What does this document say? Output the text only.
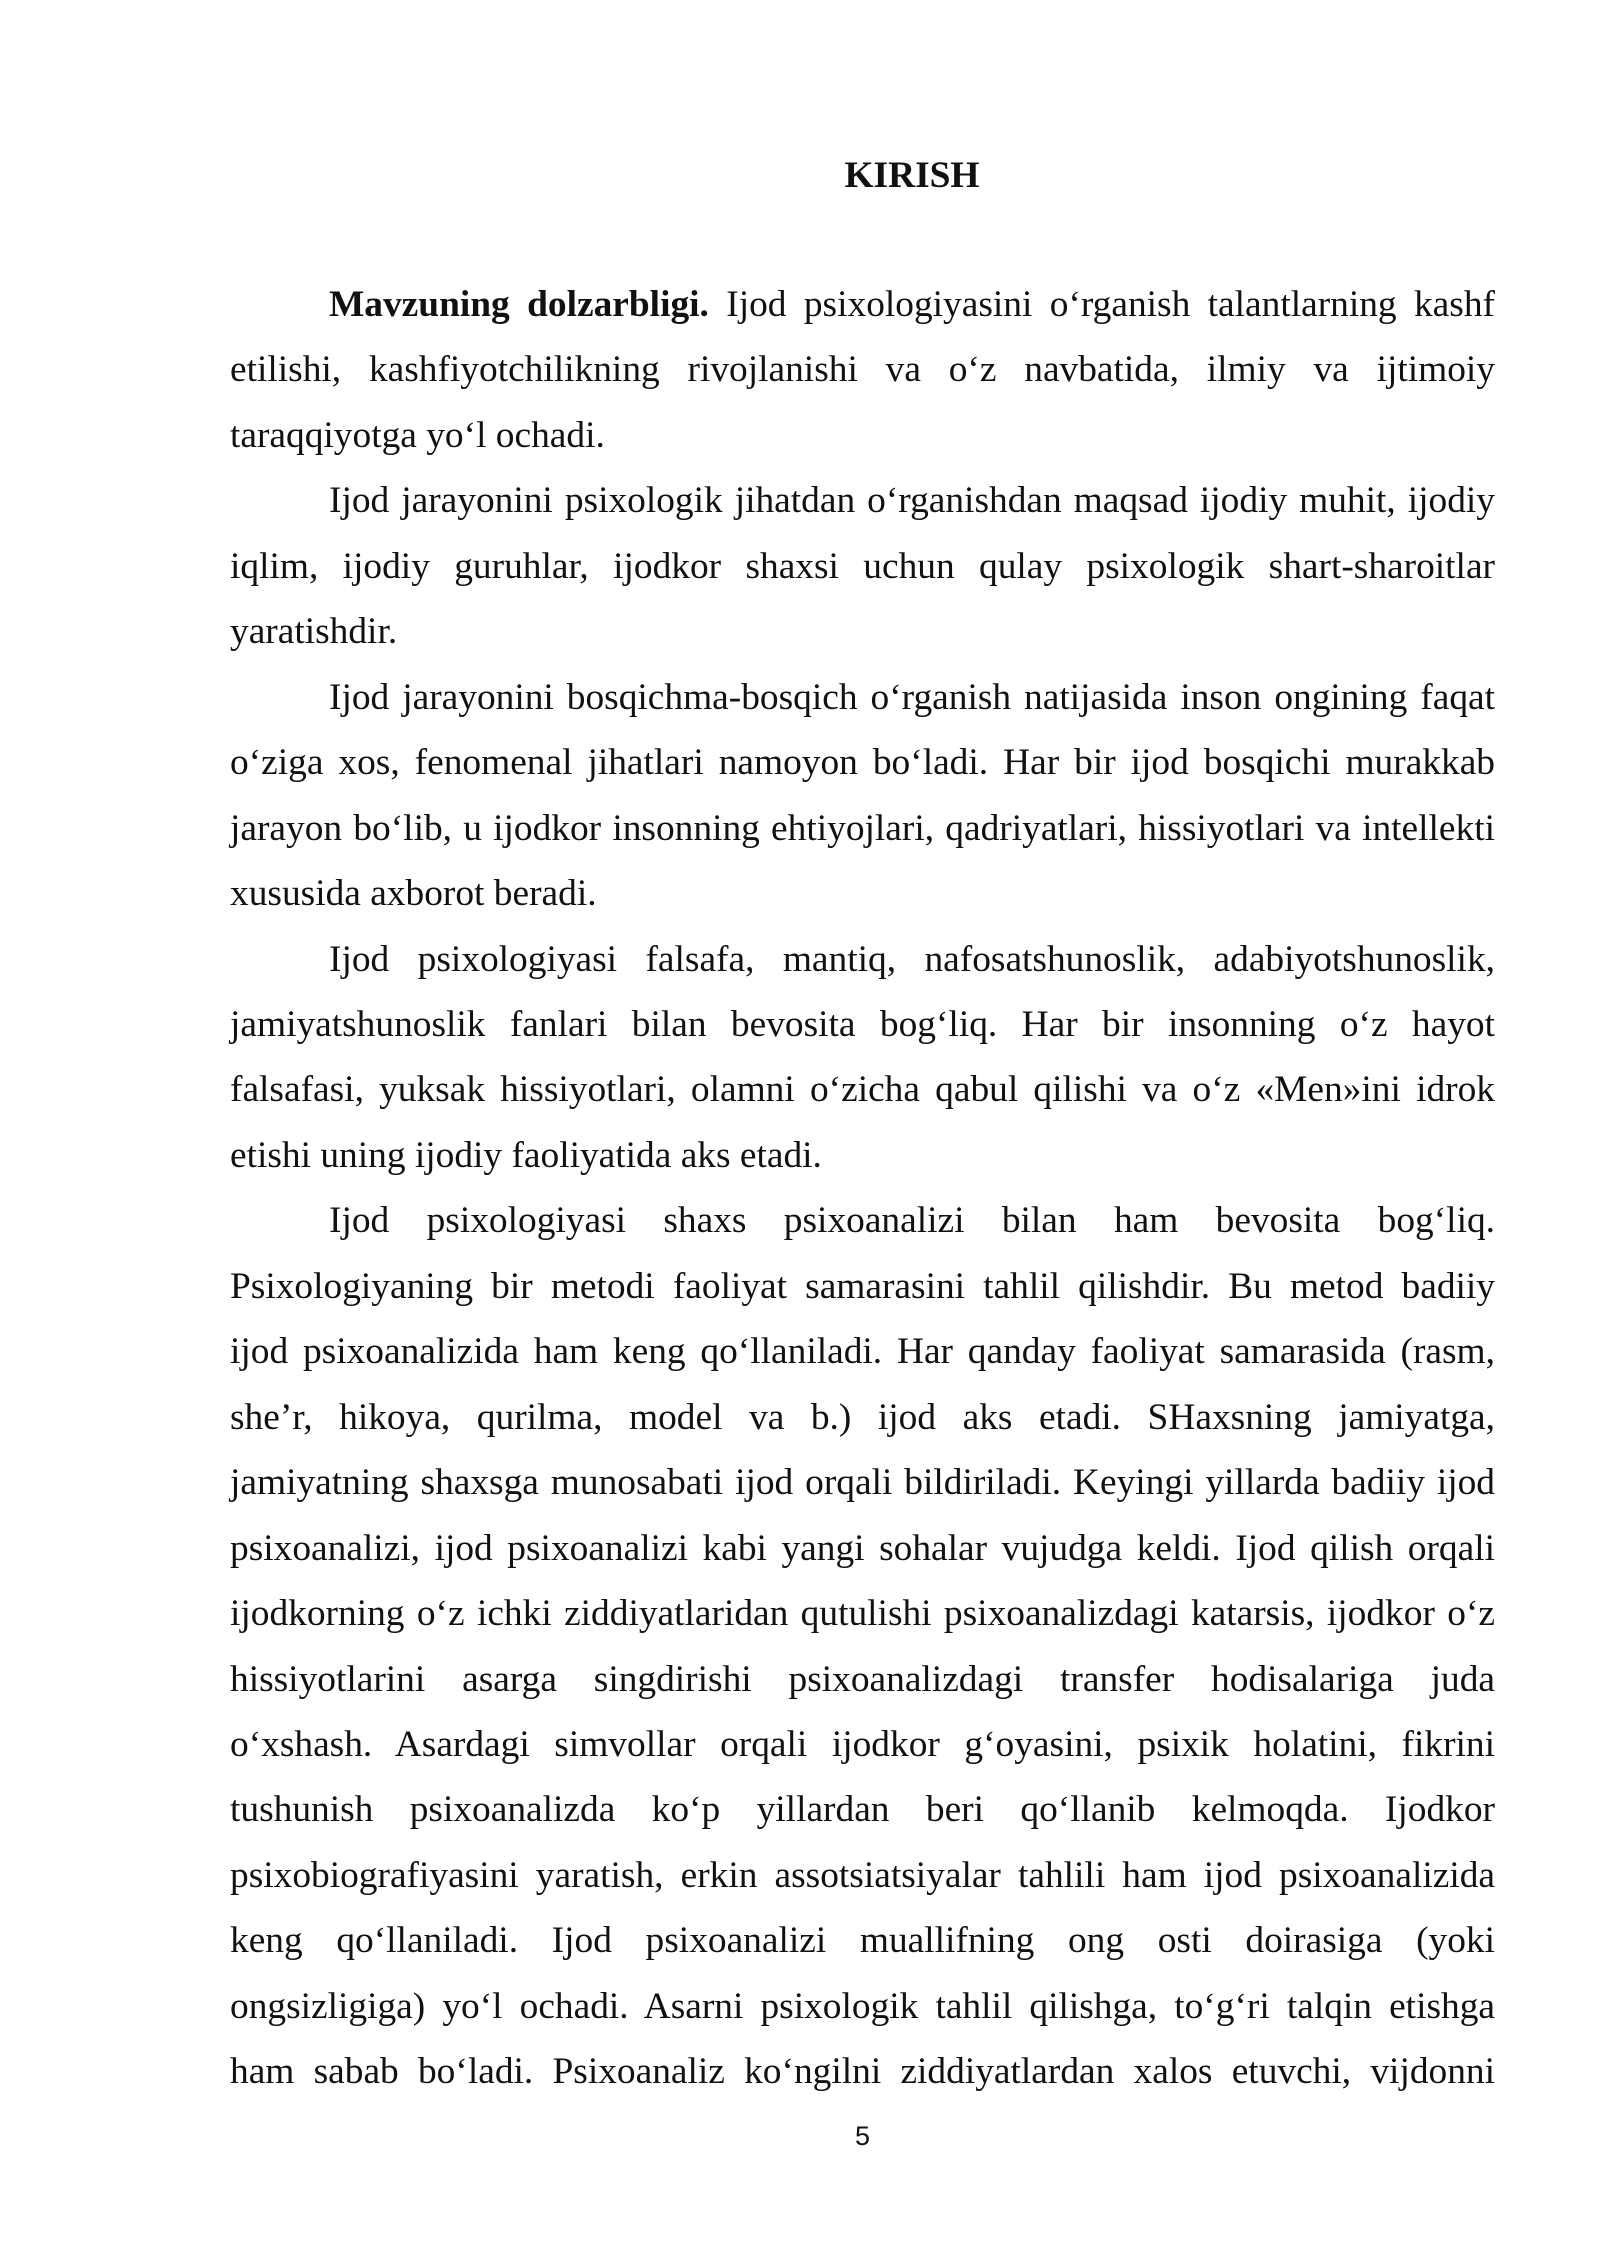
KIRISH
Mavzuning dolzarbligi. Ijod psixologiyasini o‘rganish talantlarning kashf
etilishi, kashfiyotchilikning rivojlanishi va o‘z navbatida, ilmiy va ijtimoiy
taraqqiyotga yo‘l ochadi.
Ijod jarayonini psixologik jihatdan o‘rganishdan maqsad ijodiy muhit, ijodiy
iqlim, ijodiy guruhlar, ijodkor shaxsi uchun qulay psixologik shart-sharoitlar
yaratishdir.
Ijod jarayonini bosqichma-bosqich o‘rganish natijasida inson ongining faqat
o‘ziga xos, fenomenal jihatlari namoyon bo‘ladi. Har bir ijod bosqichi murakkab
jarayon bo‘lib, u ijodkor insonning ehtiyojlari, qadriyatlari, hissiyotlari va intellekti
xususida axborot beradi.
Ijod psixologiyasi falsafa, mantiq, nafosatshunoslik, adabiyotshunoslik,
jamiyatshunoslik fanlari bilan bevosita bog‘liq. Har bir insonning o‘z hayot
falsafasi, yuksak hissiyotlari, olamni o‘zicha qabul qilishi va o‘z «Men»ini idrok
etishi uning ijodiy faoliyatida aks etadi.
Ijod psixologiyasi shaxs psixoanalizi bilan ham bevosita bog‘liq.
Psixologiyaning bir metodi faoliyat samarasini tahlil qilishdir. Bu metod badiiy
ijod psixoanalizida ham keng qo‘llaniladi. Har qanday faoliyat samarasida (rasm,
she’r, hikoya, qurilma, model va b.) ijod aks etadi. SHaxsning jamiyatga,
jamiyatning shaxsga munosabati ijod orqali bildiriladi. Keyingi yillarda badiiy ijod
psixoanalizi, ijod psixoanalizi kabi yangi sohalar vujudga keldi. Ijod qilish orqali
ijodkorning o‘z ichki ziddiyatlaridan qutulishi psixoanalizdagi katarsis, ijodkor o‘z
hissiyotlarini asarga singdirishi psixoanalizdagi transfer hodisalariga juda
o‘xshash. Asardagi simvollar orqali ijodkor g‘oyasini, psixik holatini, fikrini
tushunish psixoanalizda ko‘p yillardan beri qo‘llanib kelmoqda. Ijodkor
psixobiografiyasini yaratish, erkin assotsiatsiyalar tahlili ham ijod psixoanalizida
keng qo‘llaniladi. Ijod psixoanalizi muallifning ong osti doirasiga (yoki
ongsizligiga) yo‘l ochadi. Asarni psixologik tahlil qilishga, to‘g‘ri talqin etishga
ham sabab bo‘ladi. Psixoanaliz ko‘ngilni ziddiyatlardan xalos etuvchi, vijdonni
5
